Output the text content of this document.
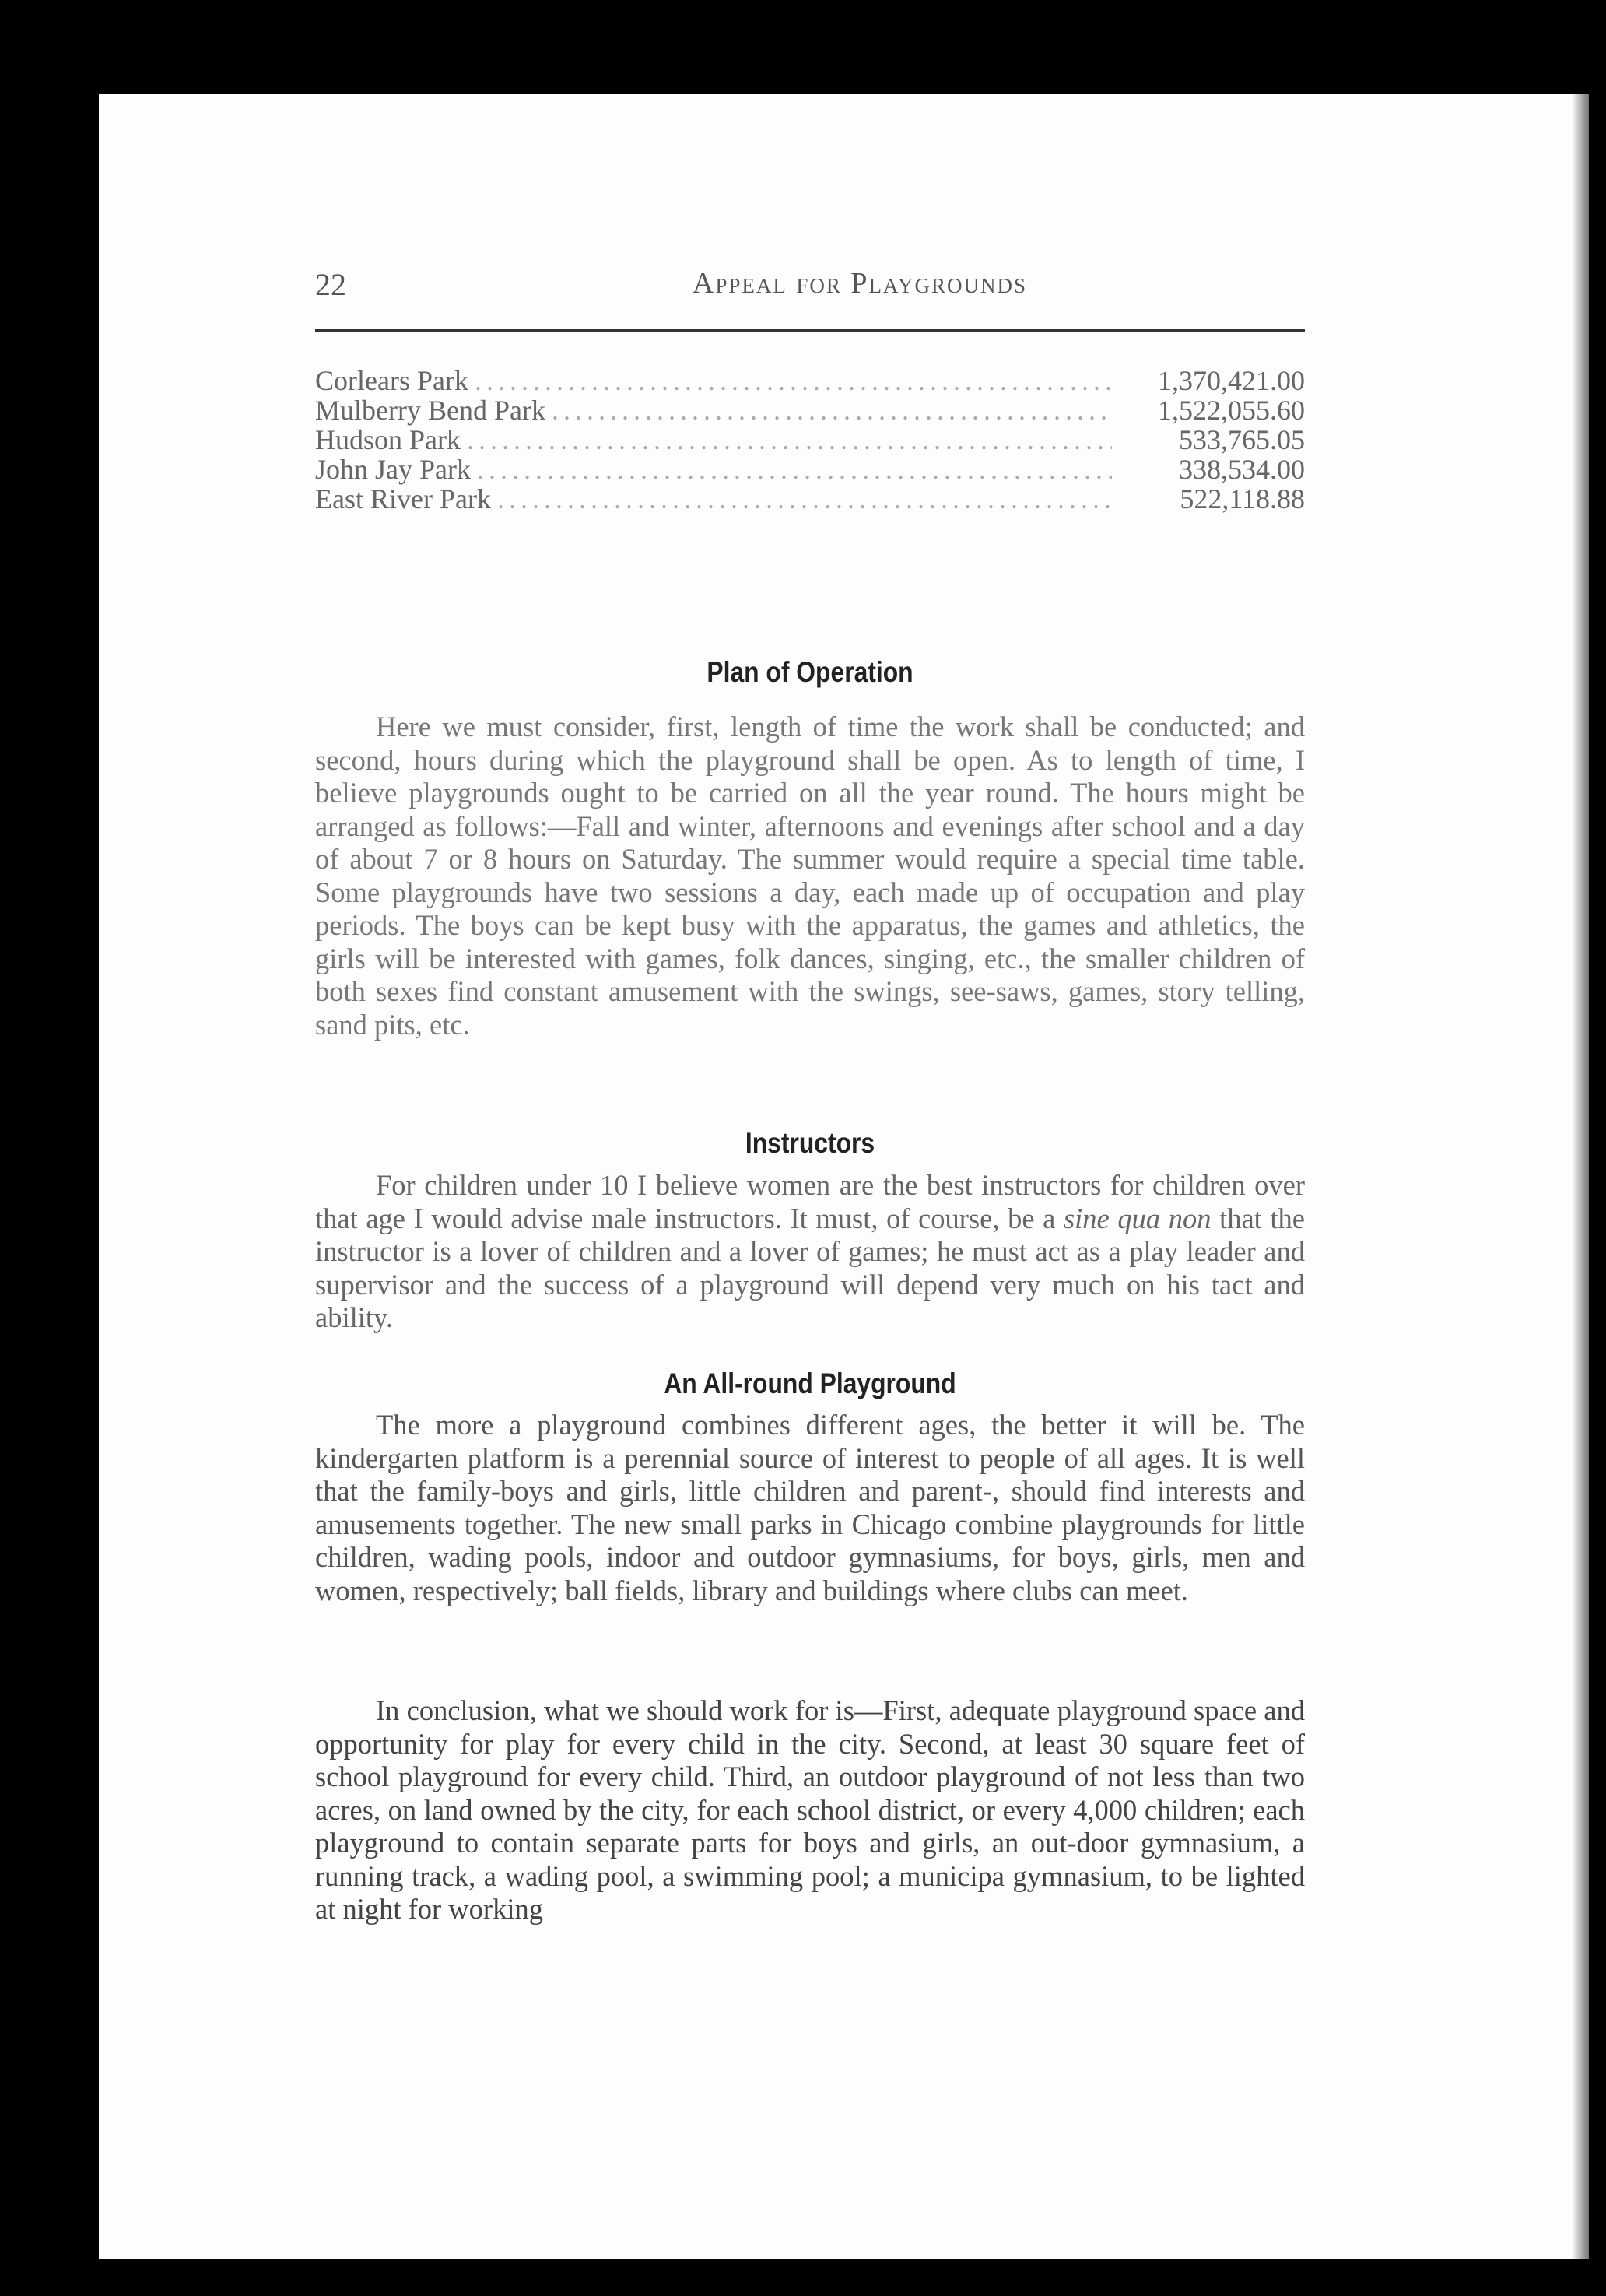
22	Appeal for Playgrounds
Corlears Park .....	1,370,421.00
Mulberry Bend Park .....	1,522,055.60
Hudson Park .....	533,765.05
John Jay Park .....	338,534.00
East River Park .....	522,118.88
Plan of Operation

Here we must consider, first, length of time the work shall be conducted; and second, hours during which the playground shall be open. As to length of time, I believe playgrounds ought to be carried on all the year round. The hours might be arranged as follows:—Fall and winter, afternoons and evenings after school and a day of about 7 or 8 hours on Saturday. The summer would require a special time table. Some playgrounds have two sessions a day, each made up of occupation and play periods. The boys can be kept busy with the apparatus, the games and athletics, the girls will be interested with games, folk dances, singing, etc., the smaller children of both sexes find constant amusement with the swings, see-saws, games, story telling, sand pits, etc.

Instructors

For children under 10 I believe women are the best instructors for children over that age I would advise male instructors. It must, of course, be a sine qua non that the instructor is a lover of children and a lover of games; he must act as a play leader and supervisor and the success of a playground will depend very much on his tact and ability.

An All-round Playground

The more a playground combines different ages, the better it will be. The kindergarten platform is a perennial source of interest to people of all ages. It is well that the family-boys and girls, little children and parent-, should find interests and amusements together. The new small parks in Chicago combine playgrounds for little children, wading pools, indoor and outdoor gymnasiums, for boys, girls, men and women, respectively; ball fields, library and buildings where clubs can meet.

In conclusion, what we should work for is—First, adequate playground space and opportunity for play for every child in the city. Second, at least 30 square feet of school playground for every child. Third, an outdoor playground of not less than two acres, on land owned by the city, for each school district, or every 4,000 children; each playground to contain separate parts for boys and girls, an out-door gymnasium, a running track, a wading pool, a swimming pool; a municipa gymnasium, to be lighted at night for working
